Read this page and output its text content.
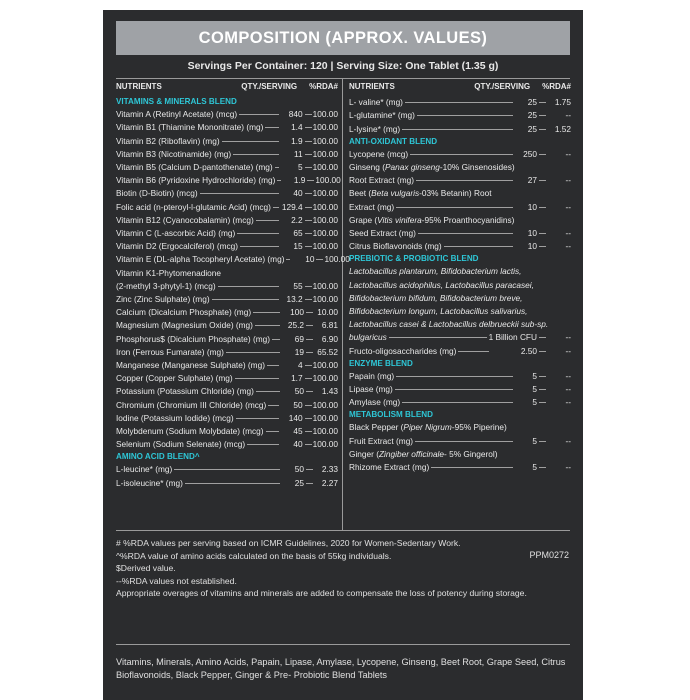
COMPOSITION (APPROX. VALUES)
Servings Per Container: 120 | Serving Size: One Tablet (1.35 g)
NUTRIENTS	QTY./SERVING %RDA#
VITAMINS & MINERALS BLEND
Vitamin A (Retinyl Acetate) (mcg)	840 100.00
Vitamin B1 (Thiamine Mononitrate) (mg)	1.4 100.00
Vitamin B2 (Riboflavin) (mg)	1.9 100.00
Vitamin B3 (Nicotinamide) (mg)	11 100.00
Vitamin B5 (Calcium D-pantothenate) (mg)	5 100.00
Vitamin B6 (Pyridoxine Hydrochloride) (mg)	1.9 100.00
Biotin (D-Biotin) (mcg)	40 100.00
Folic acid (n-pteroyl-l-glutamic Acid) (mcg) 129.4 100.00
Vitamin B12 (Cyanocobalamin) (mcg)	2.2 100.00
Vitamin C (L-ascorbic Acid) (mg)	65 100.00
Vitamin D2 (Ergocalciferol) (mcg)	15 100.00
Vitamin E (DL-alpha Tocopheryl Acetate) (mg)	10 100.00
Vitamin K1-Phytomenadione
(2-methyl 3-phytyl-1) (mcg)	55 100.00
Zinc (Zinc Sulphate) (mg)	13.2 100.00
Calcium (Dicalcium Phosphate) (mg)	100	10.00
Magnesium (Magnesium Oxide) (mg)	25.2	6.81
Phosphorus$ (Dicalcium Phosphate) (mg)	69	6.90
Iron (Ferrous Fumarate) (mg)	19	65.52
Manganese (Manganese Sulphate) (mg)	4 100.00
Copper (Copper Sulphate) (mg)	1.7 100.00
Potassium (Potassium Chloride) (mg)	50	1.43
Chromium (Chromium III Chloride) (mcg)	50 100.00
Iodine (Potassium Iodide) (mcg)	140 100.00
Molybdenum (Sodium Molybdate) (mcg)	45 100.00
Selenium (Sodium Selenate) (mcg)	40 100.00
AMINO ACID BLEND^
L-leucine* (mg)	50	2.33
L-isoleucine* (mg)	25	2.27
NUTRIENTS	QTY./SERVING %RDA#
L- valine* (mg)	25	1.75
L-glutamine* (mg)	25	--
L-lysine* (mg)	25	1.52
ANTI-OXIDANT BLEND
Lycopene (mcg)	250	--
Ginseng (Panax ginseng-10% Ginsenosides)
Root Extract (mg)	27	--
Beet (Beta vulgaris-03% Betanin) Root
Extract (mg)	10	--
Grape (Vitis vinifera-95% Proanthocyanidins)
Seed Extract (mg)	10	--
Citrus Bioflavonoids (mg)	10	--
PREBIOTIC & PROBIOTIC BLEND
Lactobacillus plantarum, Bifidobacterium lactis,
Lactobacillus acidophilus, Lactobacillus paracasei,
Bifidobacterium bifidum, Bifidobacterium breve,
Bifidobacterium longum, Lactobacillus salivarius,
Lactobacillus casei & Lactobacillus delbrueckii sub-sp.
bulgaricus	1 Billion CFU	--
Fructo-oligosaccharides (mg)	2.50	--
ENZYME BLEND
Papain (mg)	5	--
Lipase (mg)	5	--
Amylase (mg)	5	--
METABOLISM BLEND
Black Pepper (Piper Nigrum-95% Piperine)
Fruit Extract (mg)	5	--
Ginger (Zingiber officinale- 5% Gingerol)
Rhizome Extract (mg)	5	--
# %RDA values per serving based on ICMR Guidelines, 2020 for Women-Sedentary Work.
^%RDA value of amino acids calculated on the basis of 55kg individuals.
$Derived value.
--%RDA values not established.
Appropriate overages of vitamins and minerals are added to compensate the loss of potency during storage.
PPM0272
Vitamins, Minerals, Amino Acids, Papain, Lipase, Amylase, Lycopene, Ginseng, Beet Root, Grape Seed, Citrus Bioflavonoids, Black Pepper, Ginger & Pre- Probiotic Blend Tablets
